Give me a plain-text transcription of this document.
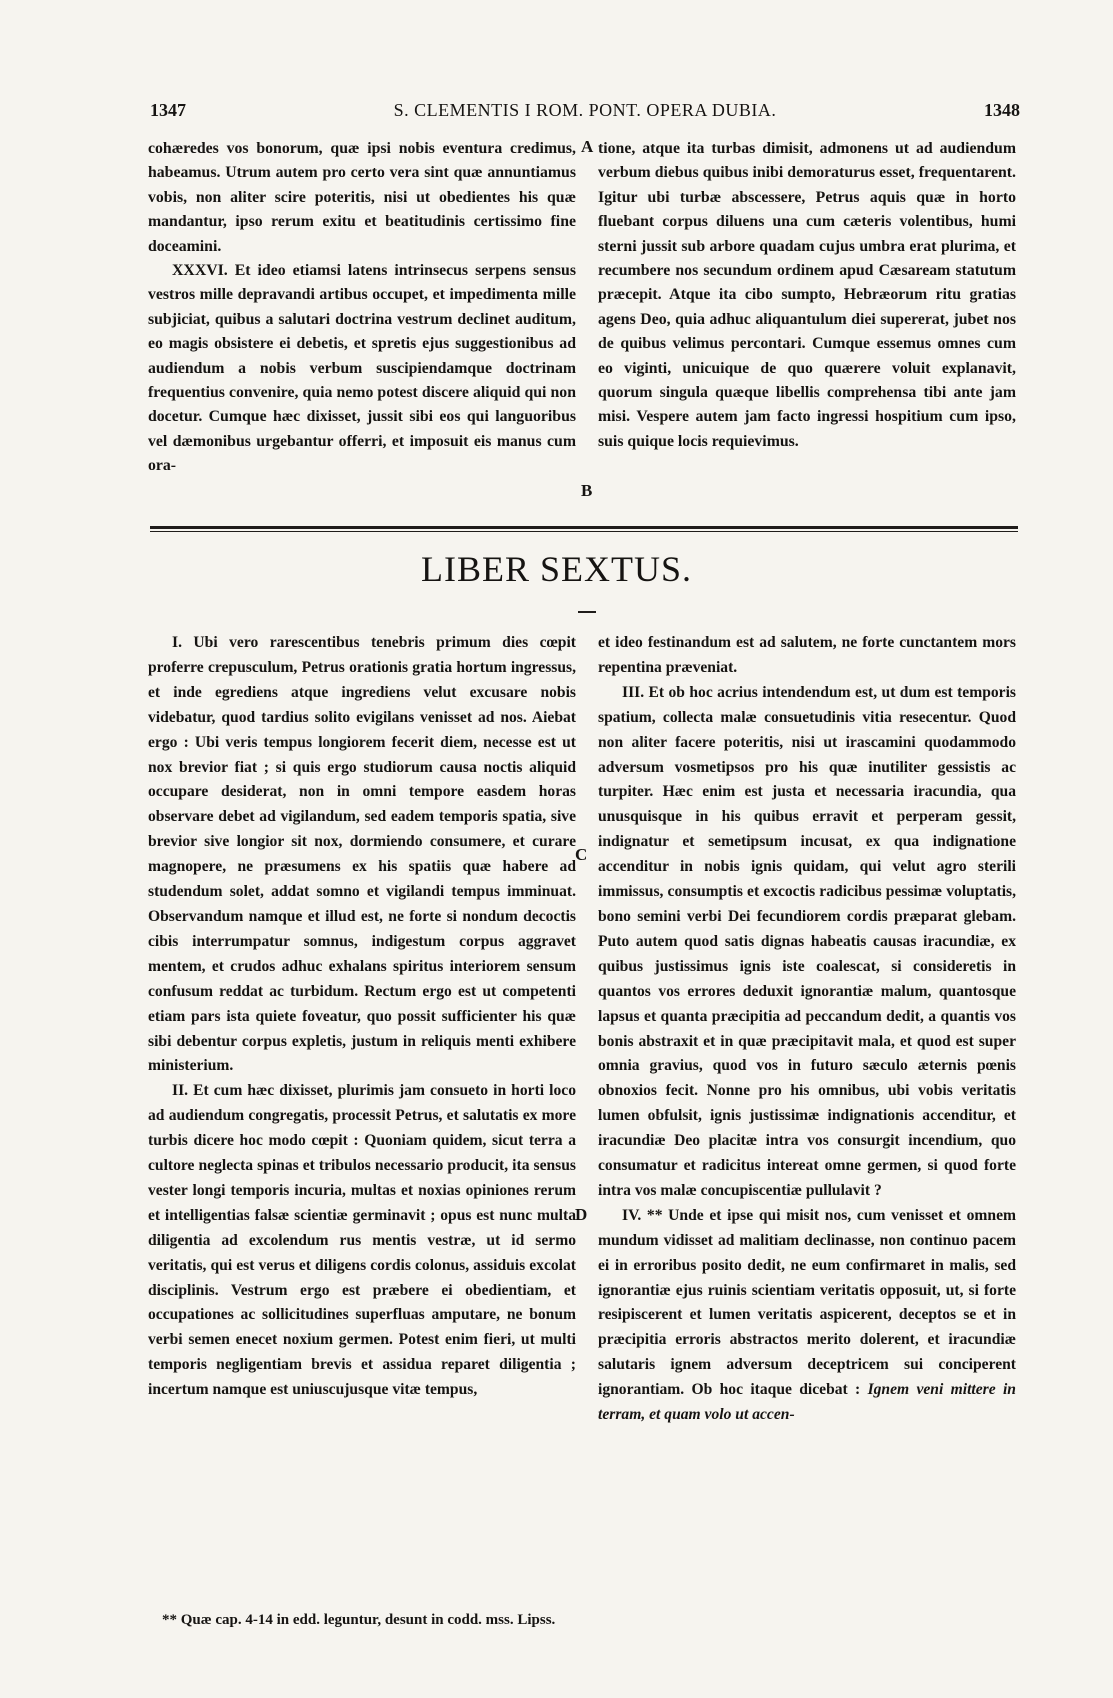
1347	S. CLEMENTIS I ROM. PONT. OPERA DUBIA.	1348

cohæredes vos bonorum, quæ ipsi nobis eventura credimus, habeamus. Utrum autem pro certo vera sint quæ annuntiamus vobis, non aliter scire poteritis, nisi ut obedientes his quæ mandantur, ipso rerum exitu et beatitudinis certissimo fine doceamini.

XXXVI. Et ideo etiamsi latens intrinsecus serpens sensus vestros mille depravandi artibus occupet, et impedimenta mille subjiciat, quibus a salutari doctrina vestrum declinet auditum, eo magis obsistere ei debetis, et spretis ejus suggestionibus ad audiendum a nobis verbum suscipiendamque doctrinam frequentius convenire, quia nemo potest discere aliquid qui non docetur. Cumque hæc dixisset, jussit sibi eos qui languoribus vel dæmonibus urgebantur offerri, et imposuit eis manus cum ora-

A
B

tione, atque ita turbas dimisit, admonens ut ad audiendum verbum diebus quibus inibi demoraturus esset, frequentarent. Igitur ubi turbæ abscessere, Petrus aquis quæ in horto fluebant corpus diluens una cum cæteris volentibus, humi sterni jussit sub arbore quadam cujus umbra erat plurima, et recumbere nos secundum ordinem apud Cæsaream statutum præcepit. Atque ita cibo sumpto, Hebræorum ritu gratias agens Deo, quia adhuc aliquantulum diei supererat, jubet nos de quibus velimus percontari. Cumque essemus omnes cum eo viginti, unicuique de quo quærere voluit explanavit, quorum singula quæque libellis comprehensa tibi ante jam misi. Vespere autem jam facto ingressi hospitium cum ipso, suis quique locis requievimus.

LIBER SEXTUS.

I. Ubi vero rarescentibus tenebris primum dies cœpit proferre crepusculum, Petrus orationis gratia hortum ingressus, et inde egrediens atque ingrediens velut excusare nobis videbatur, quod tardius solito evigilans venisset ad nos. Aiebat ergo : Ubi veris tempus longiorem fecerit diem, necesse est ut nox brevior fiat ; si quis ergo studiorum causa noctis aliquid occupare desiderat, non in omni tempore easdem horas observare debet ad vigilandum, sed eadem temporis spatia, sive brevior sive longior sit nox, dormiendo consumere, et curare magnopere, ne præsumens ex his spatiis quæ habere ad studendum solet, addat somno et vigilandi tempus imminuat. Observandum namque et illud est, ne forte si nondum decoctis cibis interrumpatur somnus, indigestum corpus aggravet mentem, et crudos adhuc exhalans spiritus interiorem sensum confusum reddat ac turbidum. Rectum ergo est ut competenti etiam pars ista quiete foveatur, quo possit sufficienter his quæ sibi debentur corpus expletis, justum in reliquis menti exhibere ministerium.

II. Et cum hæc dixisset, plurimis jam consueto in horti loco ad audiendum congregatis, processit Petrus, et salutatis ex more turbis dicere hoc modo cœpit : Quoniam quidem, sicut terra a cultore neglecta spinas et tribulos necessario producit, ita sensus vester longi temporis incuria, multas et noxias opiniones rerum et intelligentias falsæ scientiæ germinavit ; opus est nunc multa diligentia ad excolendum rus mentis vestræ, ut id sermo veritatis, qui est verus et diligens cordis colonus, assiduis excolat disciplinis. Vestrum ergo est præbere ei obedientiam, et occupationes ac sollicitudines superfluas amputare, ne bonum verbi semen enecet noxium germen. Potest enim fieri, ut multi temporis negligentiam brevis et assidua reparet diligentia ; incertum namque est uniuscujusque vitæ tempus,

C
D

et ideo festinandum est ad salutem, ne forte cunctantem mors repentina præveniat.

III. Et ob hoc acrius intendendum est, ut dum est temporis spatium, collecta malæ consuetudinis vitia resecentur. Quod non aliter facere poteritis, nisi ut irascamini quodammodo adversum vosmetipsos pro his quæ inutiliter gessistis ac turpiter. Hæc enim est justa et necessaria iracundia, qua unusquisque in his quibus erravit et perperam gessit, indignatur et semetipsum incusat, ex qua indignatione accenditur in nobis ignis quidam, qui velut agro sterili immissus, consumptis et excoctis radicibus pessimæ voluptatis, bono semini verbi Dei fecundiorem cordis præparat glebam. Puto autem quod satis dignas habeatis causas iracundiæ, ex quibus justissimus ignis iste coalescat, si consideretis in quantos vos errores deduxit ignorantiæ malum, quantosque lapsus et quanta præcipitia ad peccandum dedit, a quantis vos bonis abstraxit et in quæ præcipitavit mala, et quod est super omnia gravius, quod vos in futuro sæculo æternis pœnis obnoxios fecit. Nonne pro his omnibus, ubi vobis veritatis lumen obfulsit, ignis justissimæ indignationis accenditur, et iracundiæ Deo placitæ intra vos consurgit incendium, quo consumatur et radicitus intereat omne germen, si quod forte intra vos malæ concupiscentiæ pullulavit ?

IV. ** Unde et ipse qui misit nos, cum venisset et omnem mundum vidisset ad malitiam declinasse, non continuo pacem ei in erroribus posito dedit, ne eum confirmaret in malis, sed ignorantiæ ejus ruinis scientiam veritatis opposuit, ut, si forte resipiscerent et lumen veritatis aspicerent, deceptos se et in præcipitia erroris abstractos merito dolerent, et iracundiæ salutaris ignem adversum deceptricem sui conciperent ignorantiam. Ob hoc itaque dicebat : Ignem veni mittere in terram, et quam volo ut accen-

** Quæ cap. 4-14 in edd. leguntur, desunt in codd. mss. Lipss.
